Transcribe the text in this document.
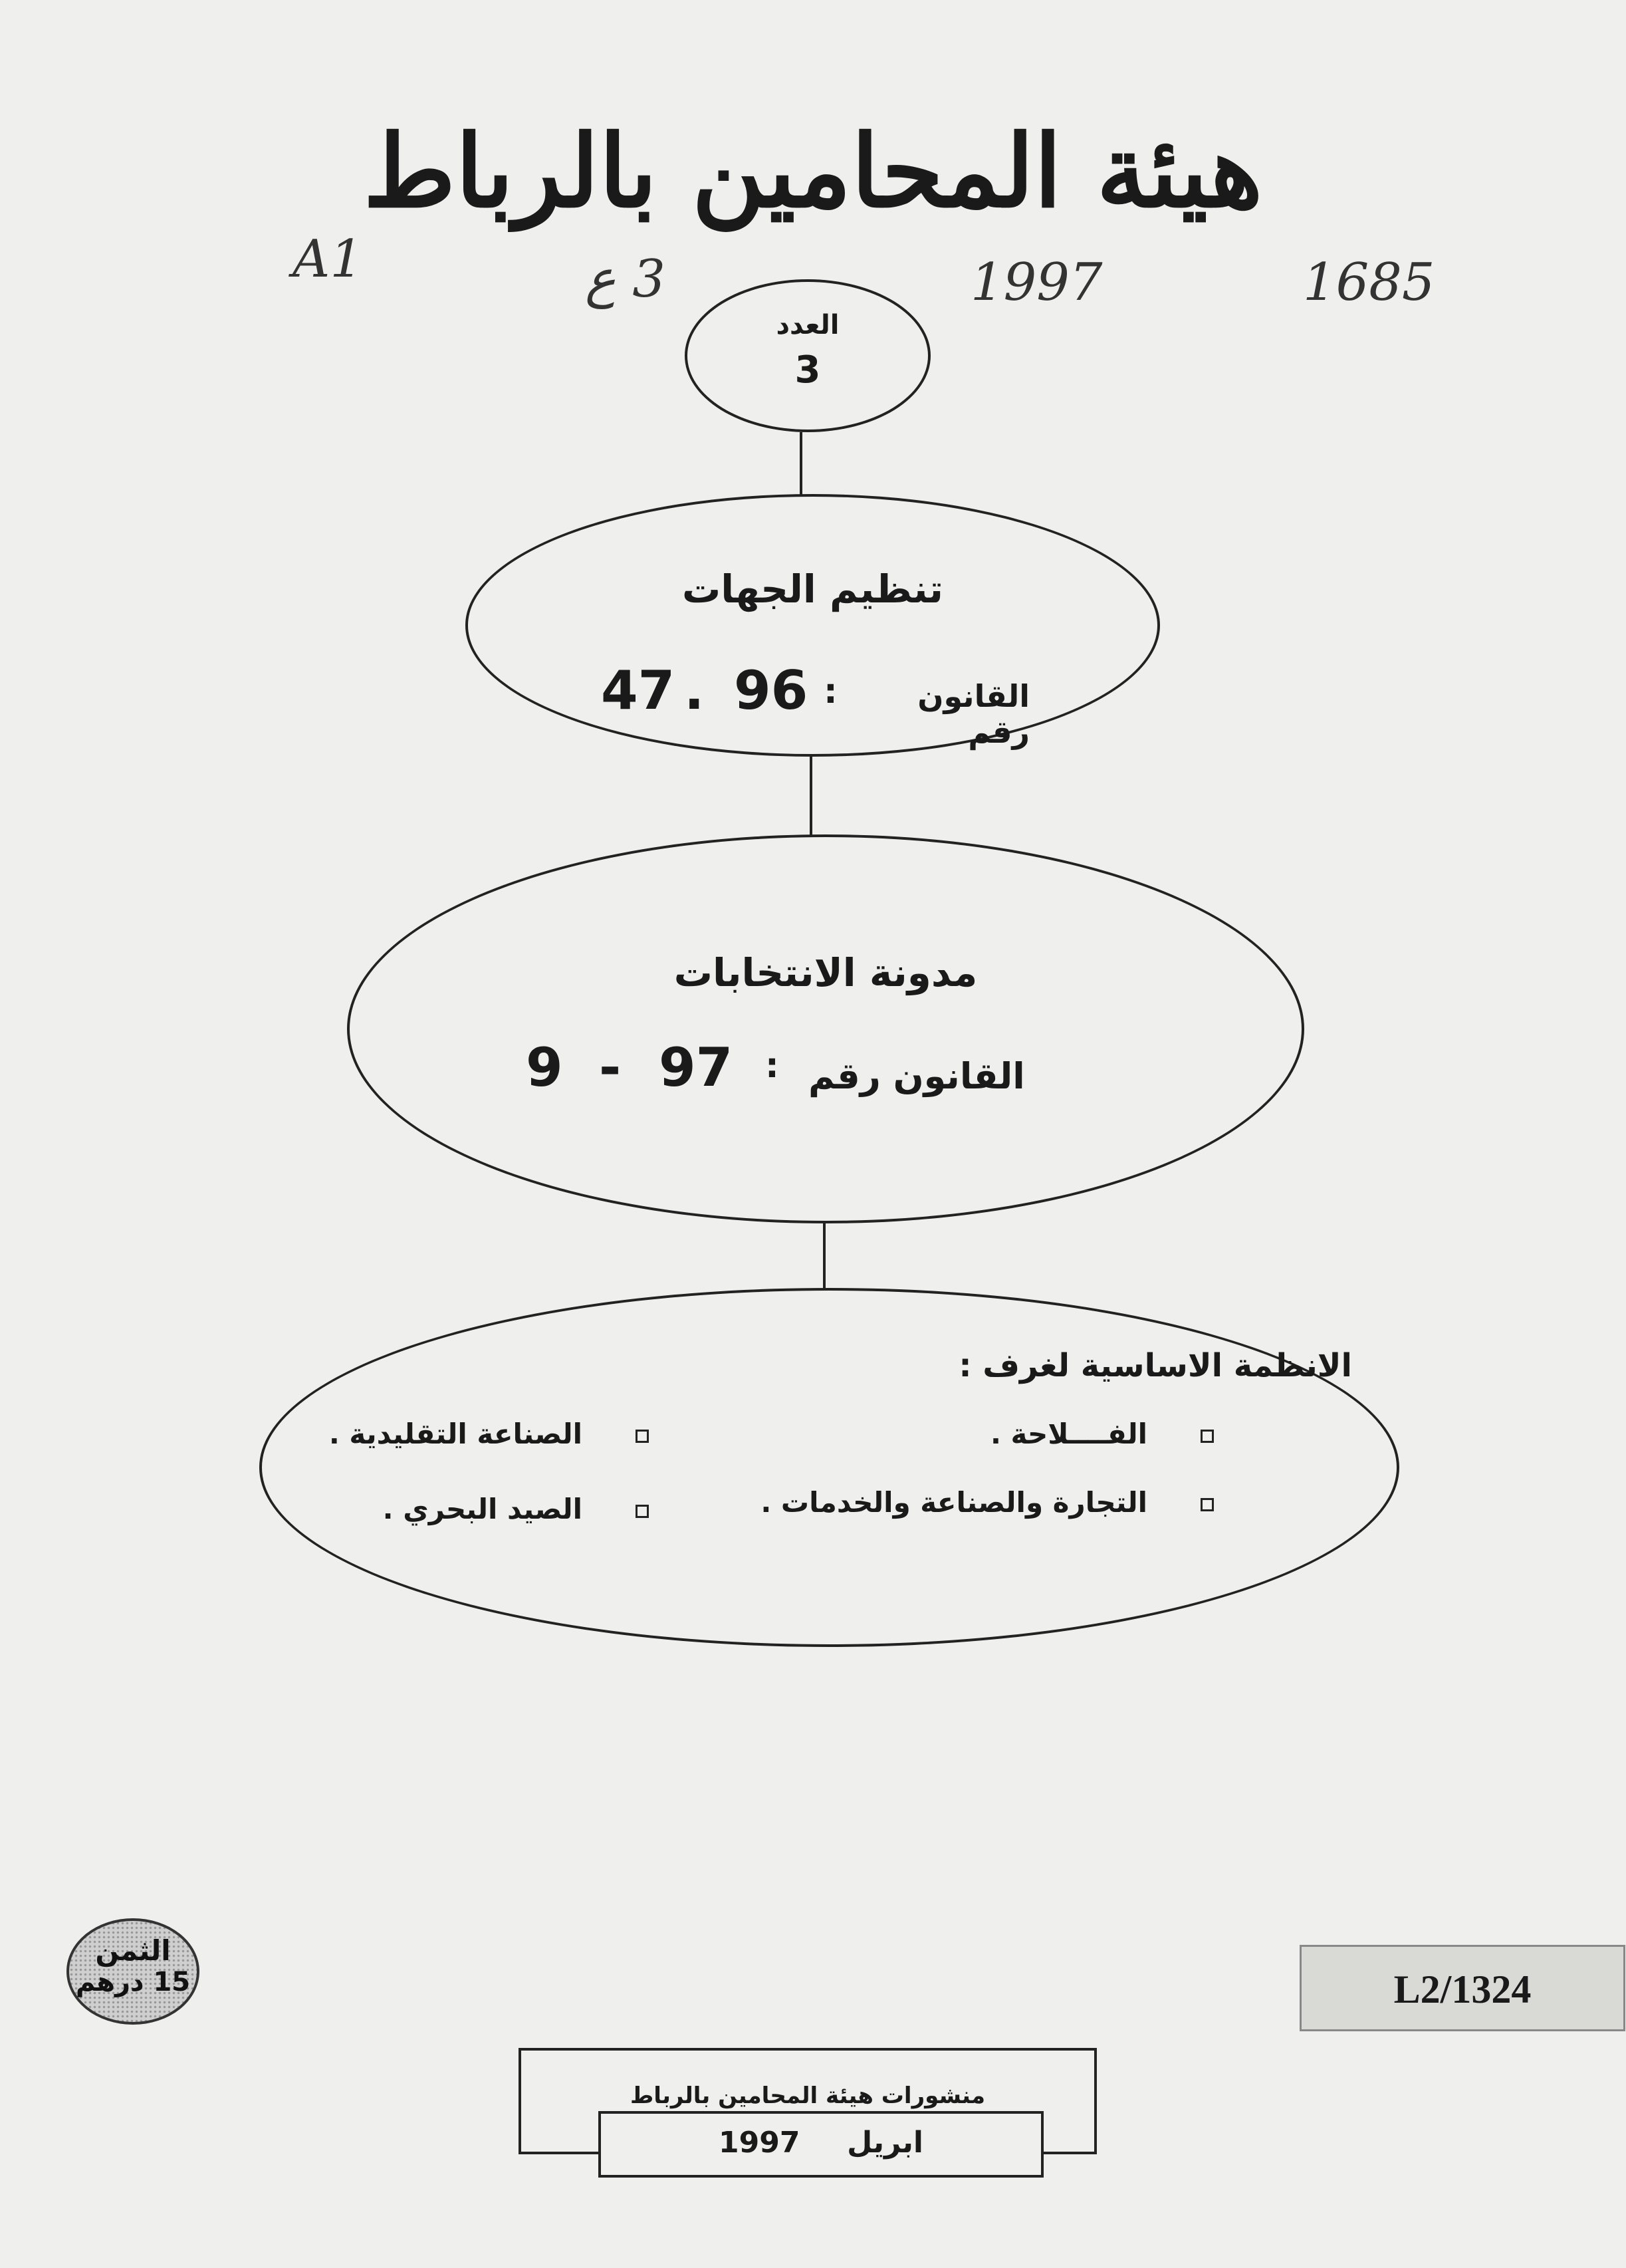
هيئة المحامين بالرباط
A1	3 ع	1997	1685
العدد
3
تنظيم الجهات
47 . 96 :	القانون رقم
مدونة الانتخابات
9 - 97 : القانون رقم
الانظمة الاساسية لغرف :
الفــــلاحة .
الصناعة التقليدية .
التجارة والصناعة والخدمات .
الصيد البحري .
الثمن
15 درهم	L2/1324
منشورات هيئة المحامين بالرباط
ابريل  1997
